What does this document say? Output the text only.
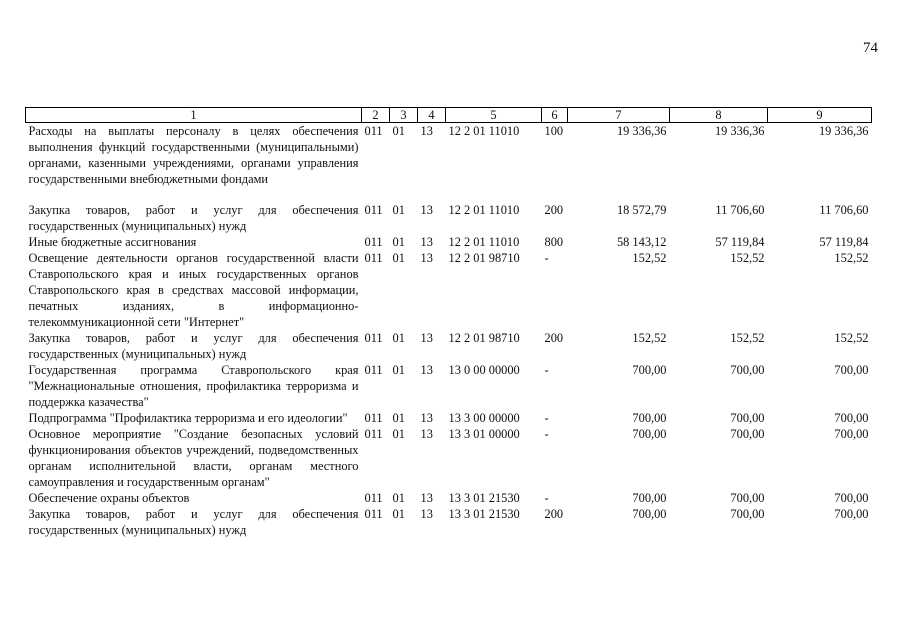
74
1	2	3	4	5	6	7	8	9
Расходы на выплаты персоналу в целях обеспечения выполнения функций государственными (муниципальными) органами, казенными учреждениями, органами управления государственными внебюджетными фондами	011	01	13	12 2 01 11010	100	19 336,36	19 336,36	19 336,36

Закупка товаров, работ и услуг для обеспечения государственных (муниципальных) нужд	011	01	13	12 2 01 11010	200	18 572,79	11 706,60	11 706,60
Иные бюджетные ассигнования	011	01	13	12 2 01 11010	800	58 143,12	57 119,84	57 119,84
Освещение деятельности органов государственной власти Ставропольского края и иных государственных органов Ставропольского края в средствах массовой информации, печатных изданиях, в информационно-телекоммуникационной сети "Интернет"	011	01	13	12 2 01 98710	-	152,52	152,52	152,52
Закупка товаров, работ и услуг для обеспечения государственных (муниципальных) нужд	011	01	13	12 2 01 98710	200	152,52	152,52	152,52
Государственная программа Ставропольского края "Межнациональные отношения, профилактика терроризма и поддержка казачества"	011	01	13	13 0 00 00000	-	700,00	700,00	700,00
Подпрограмма "Профилактика терроризма и его идеологии"	011	01	13	13 3 00 00000	-	700,00	700,00	700,00
Основное мероприятие "Создание безопасных условий функционирования объектов учреждений, подведомственных органам исполнительной власти, органам местного самоуправления и государственным органам"	011	01	13	13 3 01 00000	-	700,00	700,00	700,00
Обеспечение охраны объектов	011	01	13	13 3 01 21530	-	700,00	700,00	700,00
Закупка товаров, работ и услуг для обеспечения государственных (муниципальных) нужд	011	01	13	13 3 01 21530	200	700,00	700,00	700,00
